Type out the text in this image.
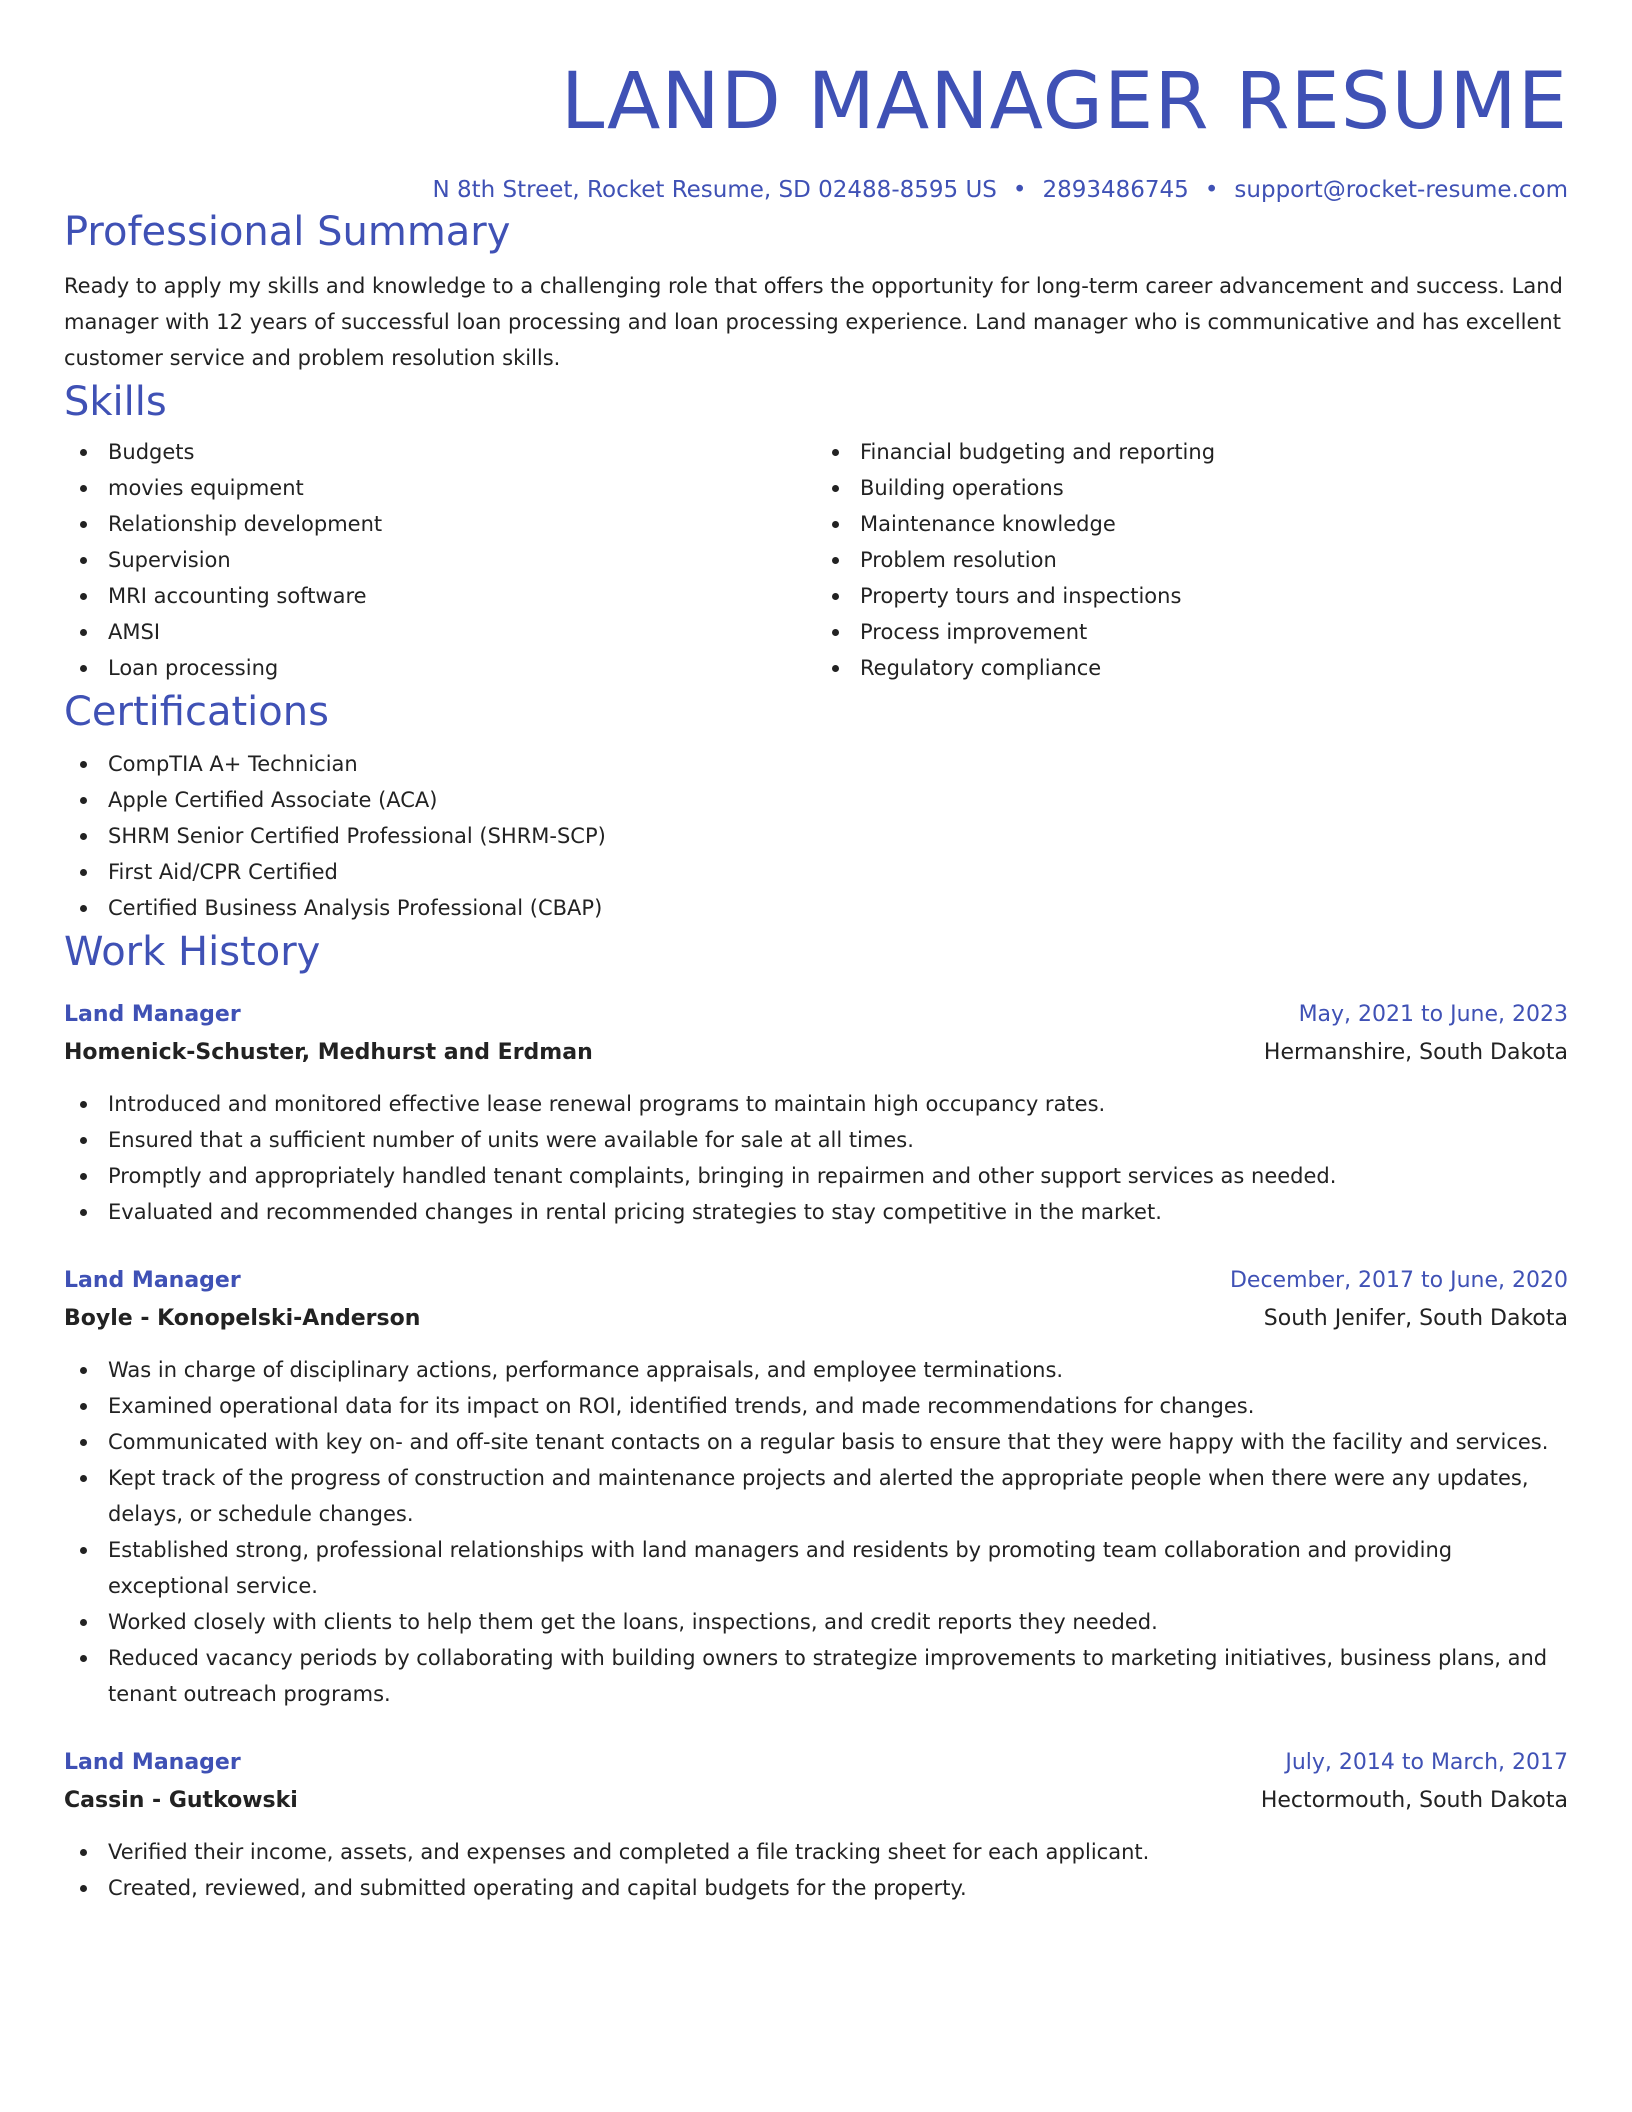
LAND MANAGER RESUME
N 8th Street, Rocket Resume, SD 02488-8595 US • 2893486745 • support@rocket-resume.com
Professional Summary

Ready to apply my skills and knowledge to a challenging role that offers the opportunity for long-term career advancement and success. Land manager with 12 years of successful loan processing and loan processing experience. Land manager who is communicative and has excellent customer service and problem resolution skills.

Skills
Budgets
movies equipment
Relationship development
Supervision
MRI accounting software
AMSI
Loan processing
Financial budgeting and reporting
Building operations
Maintenance knowledge
Problem resolution
Property tours and inspections
Process improvement
Regulatory compliance
Certifications
CompTIA A+ Technician
Apple Certified Associate (ACA)
SHRM Senior Certified Professional (SHRM-SCP)
First Aid/CPR Certified
Certified Business Analysis Professional (CBAP)
Work History
Land Manager	May, 2021 to June, 2023
Homenick-Schuster, Medhurst and Erdman	Hermanshire, South Dakota
Introduced and monitored effective lease renewal programs to maintain high occupancy rates.
Ensured that a sufficient number of units were available for sale at all times.
Promptly and appropriately handled tenant complaints, bringing in repairmen and other support services as needed.
Evaluated and recommended changes in rental pricing strategies to stay competitive in the market.
Land Manager	December, 2017 to June, 2020
Boyle - Konopelski-Anderson	South Jenifer, South Dakota
Was in charge of disciplinary actions, performance appraisals, and employee terminations.
Examined operational data for its impact on ROI, identified trends, and made recommendations for changes.
Communicated with key on- and off-site tenant contacts on a regular basis to ensure that they were happy with the facility and services.
Kept track of the progress of construction and maintenance projects and alerted the appropriate people when there were any updates, delays, or schedule changes.
Established strong, professional relationships with land managers and residents by promoting team collaboration and providing exceptional service.
Worked closely with clients to help them get the loans, inspections, and credit reports they needed.
Reduced vacancy periods by collaborating with building owners to strategize improvements to marketing initiatives, business plans, and tenant outreach programs.
Land Manager	July, 2014 to March, 2017
Cassin - Gutkowski	Hectormouth, South Dakota
Verified their income, assets, and expenses and completed a file tracking sheet for each applicant.
Created, reviewed, and submitted operating and capital budgets for the property.
